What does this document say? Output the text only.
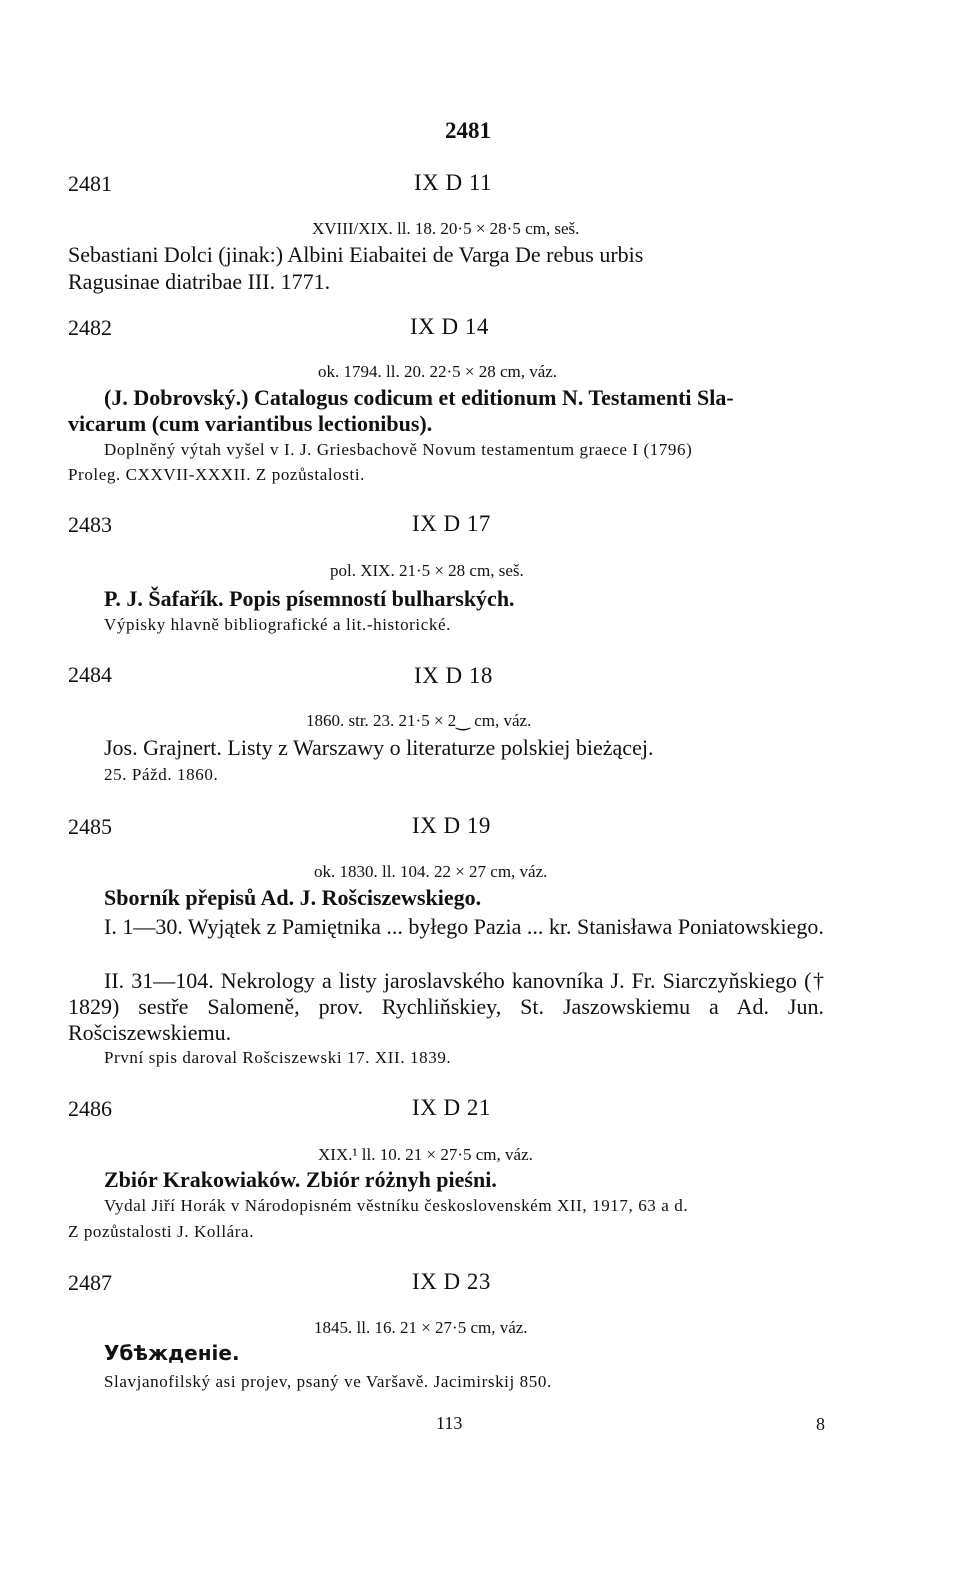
2481
2481	IX D 11
XVIII/XIX. ll. 18. 20·5 × 28·5 cm, seš.
Sebastiani Dolci (jinak:) Albini Eiabaitei de Varga De rebus urbis
Ragusinae diatribae III. 1771.
2482	IX D 14
ok. 1794. ll. 20. 22·5 × 28 cm, váz.
(J. Dobrovský.) Catalogus codicum et editionum N. Testamenti Sla-
vicarum (cum variantibus lectionibus).
Doplněný výtah vyšel v I. J. Griesbachově Novum testamentum graece I (1796)
Proleg. CXXVII-XXXII. Z pozůstalosti.
2483	IX D 17
pol. XIX. 21·5 × 28 cm, seš.
P. J. Šafařík. Popis písemností bulharských.
Výpisky hlavně bibliografické a lit.-historické.
2484	IX D 18
1860. str. 23. 21·5 × 2‿ cm, váz.
Jos. Grajnert. Listy z Warszawy o literaturze polskiej bieżącej.
25. Pážd. 1860.
2485	IX D 19
ok. 1830. ll. 104. 22 × 27 cm, váz.
Sborník přepisů Ad. J. Rošciszewskiego.
I. 1—30. Wyjątek z Pamiętnika ... byłego Pazia ... kr. Stanisława Poniatowskiego.
II. 31—104. Nekrology a listy jaroslavského kanovníka J. Fr. Siarczyňskiego († 1829) sestře Salomeně, prov. Rychliňskiey, St. Jaszowskiemu a Ad. Jun. Rošciszewskiemu.
První spis daroval Rošciszewski 17. XII. 1839.
2486	IX D 21
XIX.¹ ll. 10. 21 × 27·5 cm, váz.
Zbiór Krakowiaków. Zbiór różnyh pieśni.
Vydal Jiří Horák v Národopisném věstníku československém XII, 1917, 63 a d.
Z pozůstalosti J. Kollára.
2487	IX D 23
1845. ll. 16. 21 × 27·5 cm, váz.
Убѣжденіе.
Slavjanofilský asi projev, psaný ve Varšavě. Jacimirskij 850.
113	8
